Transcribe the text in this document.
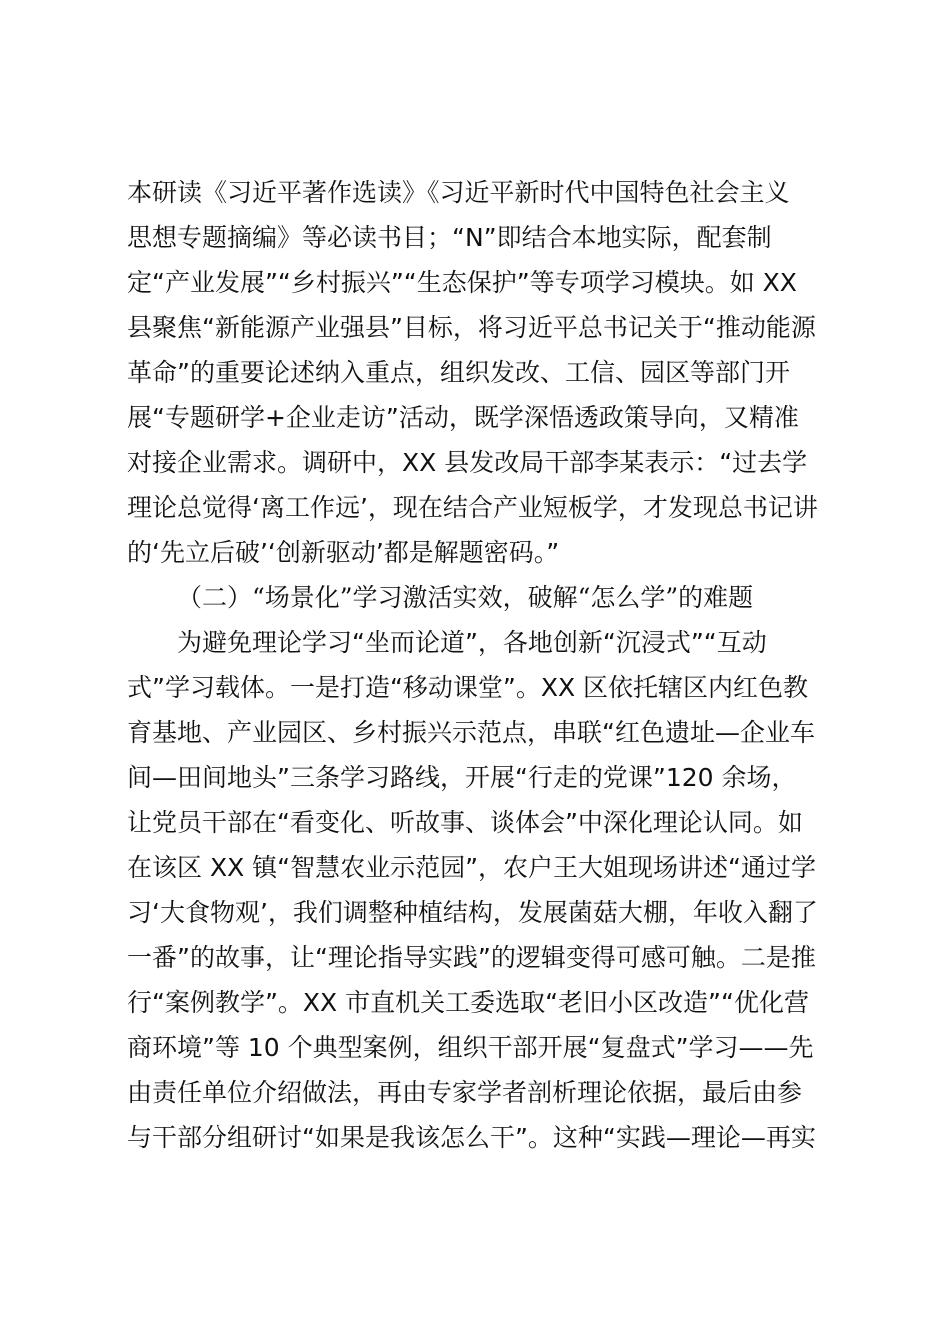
本研读《习近平著作选读》《习近平新时代中国特色社会主义
思想专题摘编》等必读书目；“N”即结合本地实际，配套制
定“产业发展”“乡村振兴”“生态保护”等专项学习模块。如 XX
县聚焦“新能源产业强县”目标，将习近平总书记关于“推动能源
革命”的重要论述纳入重点，组织发改、工信、园区等部门开
展“专题研学+企业走访”活动，既学深悟透政策导向，又精准
对接企业需求。调研中，XX 县发改局干部李某表示：“过去学
理论总觉得‘离工作远’，现在结合产业短板学，才发现总书记讲
的‘先立后破’‘创新驱动’都是解题密码。”
（二）“场景化”学习激活实效，破解“怎么学”的难题
为避免理论学习“坐而论道”，各地创新“沉浸式”“互动
式”学习载体。一是打造“移动课堂”。XX 区依托辖区内红色教
育基地、产业园区、乡村振兴示范点，串联“红色遗址—企业车
间—田间地头”三条学习路线，开展“行走的党课”120 余场，
让党员干部在“看变化、听故事、谈体会”中深化理论认同。如
在该区 XX 镇“智慧农业示范园”，农户王大姐现场讲述“通过学
习‘大食物观’，我们调整种植结构，发展菌菇大棚，年收入翻了
一番”的故事，让“理论指导实践”的逻辑变得可感可触。二是推
行“案例教学”。XX 市直机关工委选取“老旧小区改造”“优化营
商环境”等 10 个典型案例，组织干部开展“复盘式”学习——先
由责任单位介绍做法，再由专家学者剖析理论依据，最后由参
与干部分组研讨“如果是我该怎么干”。这种“实践—理论—再实
